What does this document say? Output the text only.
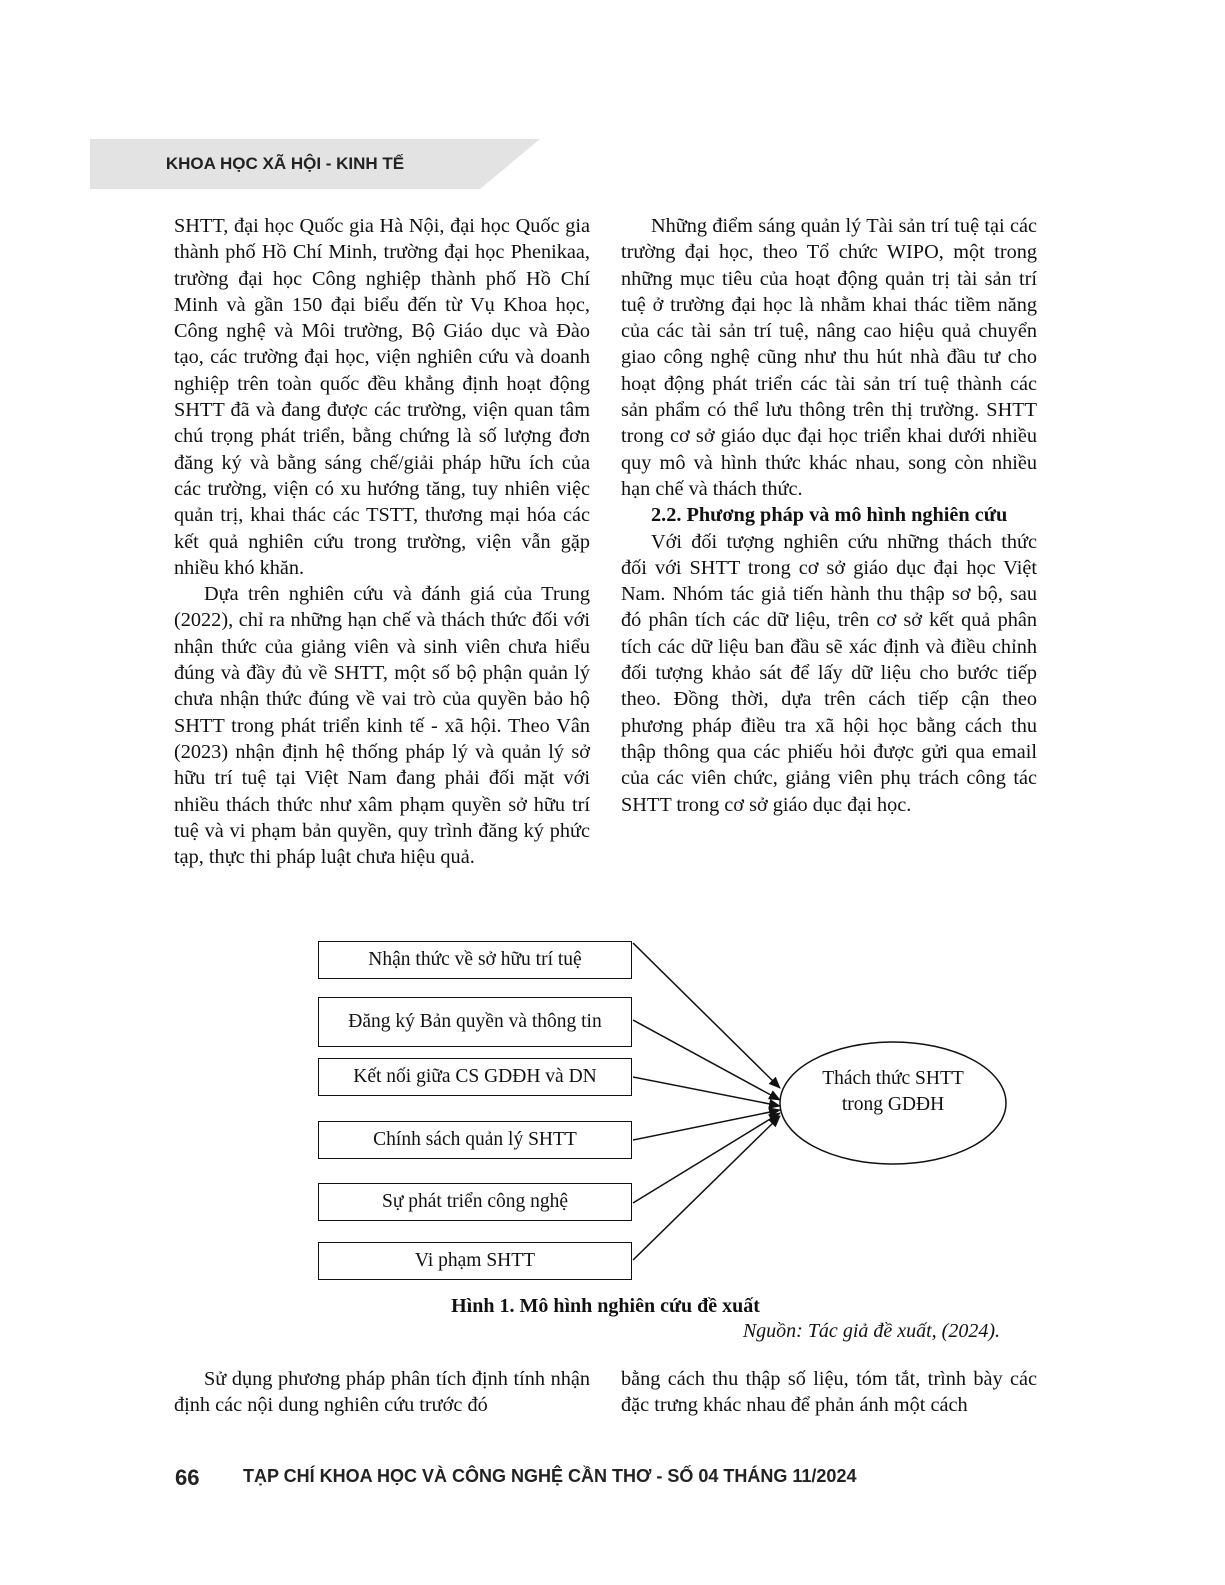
KHOA HỌC XÃ HỘI - KINH TẾ

SHTT, đại học Quốc gia Hà Nội, đại học Quốc gia thành phố Hồ Chí Minh, trường đại học Phenikaa, trường đại học Công nghiệp thành phố Hồ Chí Minh và gần 150 đại biểu đến từ Vụ Khoa học, Công nghệ và Môi trường, Bộ Giáo dục và Đào tạo, các trường đại học, viện nghiên cứu và doanh nghiệp trên toàn quốc đều khẳng định hoạt động SHTT đã và đang được các trường, viện quan tâm chú trọng phát triển, bằng chứng là số lượng đơn đăng ký và bằng sáng chế/giải pháp hữu ích của các trường, viện có xu hướng tăng, tuy nhiên việc quản trị, khai thác các TSTT, thương mại hóa các kết quả nghiên cứu trong trường, viện vẫn gặp nhiều khó khăn.

Dựa trên nghiên cứu và đánh giá của Trung (2022), chỉ ra những hạn chế và thách thức đối với nhận thức của giảng viên và sinh viên chưa hiểu đúng và đầy đủ về SHTT, một số bộ phận quản lý chưa nhận thức đúng về vai trò của quyền bảo hộ SHTT trong phát triển kinh tế - xã hội. Theo Vân (2023) nhận định hệ thống pháp lý và quản lý sở hữu trí tuệ tại Việt Nam đang phải đối mặt với nhiều thách thức như xâm phạm quyền sở hữu trí tuệ và vi phạm bản quyền, quy trình đăng ký phức tạp, thực thi pháp luật chưa hiệu quả.

Những điểm sáng quản lý Tài sản trí tuệ tại các trường đại học, theo Tổ chức WIPO, một trong những mục tiêu của hoạt động quản trị tài sản trí tuệ ở trường đại học là nhằm khai thác tiềm năng của các tài sản trí tuệ, nâng cao hiệu quả chuyển giao công nghệ cũng như thu hút nhà đầu tư cho hoạt động phát triển các tài sản trí tuệ thành các sản phẩm có thể lưu thông trên thị trường. SHTT trong cơ sở giáo dục đại học triển khai dưới nhiều quy mô và hình thức khác nhau, song còn nhiều hạn chế và thách thức.

2.2. Phương pháp và mô hình nghiên cứu

Với đối tượng nghiên cứu những thách thức đối với SHTT trong cơ sở giáo dục đại học Việt Nam. Nhóm tác giả tiến hành thu thập sơ bộ, sau đó phân tích các dữ liệu, trên cơ sở kết quả phân tích các dữ liệu ban đầu sẽ xác định và điều chỉnh đối tượng khảo sát để lấy dữ liệu cho bước tiếp theo. Đồng thời, dựa trên cách tiếp cận theo phương pháp điều tra xã hội học bằng cách thu thập thông qua các phiếu hỏi được gửi qua email của các viên chức, giảng viên phụ trách công tác SHTT trong cơ sở giáo dục đại học.

Nhận thức về sở hữu trí tuệ
Đăng ký Bản quyền và thông tin
Kết nối giữa CS GDĐH và DN
Chính sách quản lý SHTT
Sự phát triển công nghệ
Vi phạm SHTT
Thách thức SHTT
trong GDĐH
Hình 1. Mô hình nghiên cứu đề xuất
Nguồn: Tác giả đề xuất, (2024).

Sử dụng phương pháp phân tích định tính nhận định các nội dung nghiên cứu trước đó

bằng cách thu thập số liệu, tóm tắt, trình bày các đặc trưng khác nhau để phản ánh một cách

66 TẠP CHÍ KHOA HỌC VÀ CÔNG NGHỆ CẦN THƠ - SỐ 04 THÁNG 11/2024
